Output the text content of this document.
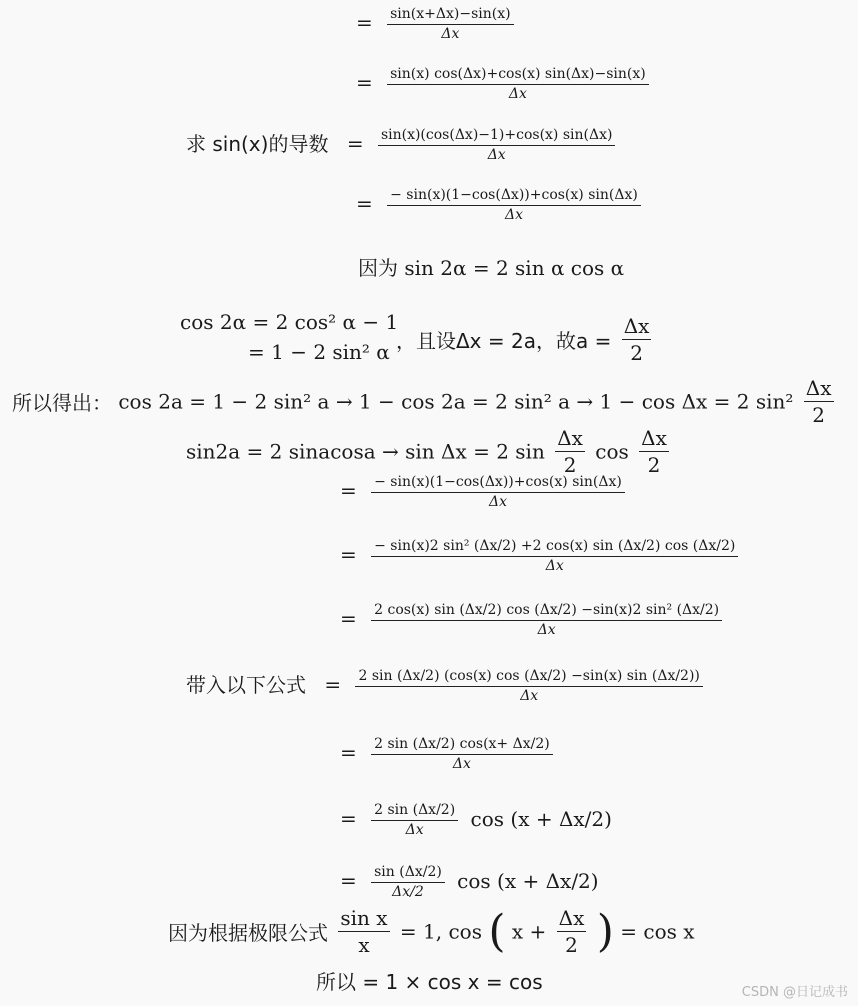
= $\frac{\sin(x+\Delta x)-\sin(x)}{\Delta x}$
= $\frac{\sin(x) \cos(\Delta x)+\cos(x) \sin(\Delta x)-\sin(x)}{\Delta x}$
求 sin(x)的导数 = $\frac{\sin(x)(\cos(\Delta x)-1)+\cos(x) \sin(\Delta x)}{\Delta x}$
= $\frac{- \sin(x)(1-\cos(\Delta x))+\cos(x) \sin(\Delta x)}{\Delta x}$
因为 sin 2α = 2 sin α cos α
cos 2α = 2 cos² α − 1
= 1 − 2 sin² α ，且设Δx = 2a，故$a = \frac{\Delta x}{2}$
所以得出： cos 2a = 1 − 2 sin² a → 1 − cos 2a = 2 sin² a → 1 − cos Δx = 2 $\sin^2 \frac{\Delta x}{2}$
sin2a = 2 sinacosa → sin Δx = 2 $\sin \frac{\Delta x}{2}$ $\cos \frac{\Delta x}{2}$
= $\frac{- \sin(x)(1-\cos(\Delta x))+\cos(x) \sin(\Delta x)}{\Delta x}$
= $\frac{\text{− sin(x)2 sin² (Δx/2) +2 cos(x) sin (Δx/2) cos (Δx/2)}}{\Delta x}$
= $\frac{\text{2 cos(x) sin (Δx/2) cos (Δx/2) −sin(x)2 sin² (Δx/2)}}{\Delta x}$
带入以下公式 = $\frac{2 \sin (\Delta x/2) (\cos(x) \cos (\Delta x/2) -\sin(x) \sin (\Delta x/2))}{\Delta x}$
= $\frac{2 \sin (\Delta x/2) \cos(x+ \Delta x/2)}{\Delta x}$
= $\frac{2 \sin (\Delta x/2)}{\Delta x}$ cos (x + Δx/2)
= $\frac{\sin (\Delta x/2)}{\Delta x/2}$ cos (x + Δx/2)
因为根据极限公式 $\frac{\text{sin x}}{x} = 1$, cos ( $x + \frac{\Delta x}{2}$ ) = cos x
所以 = 1 × cos x = cos	CSDN @日记成书
